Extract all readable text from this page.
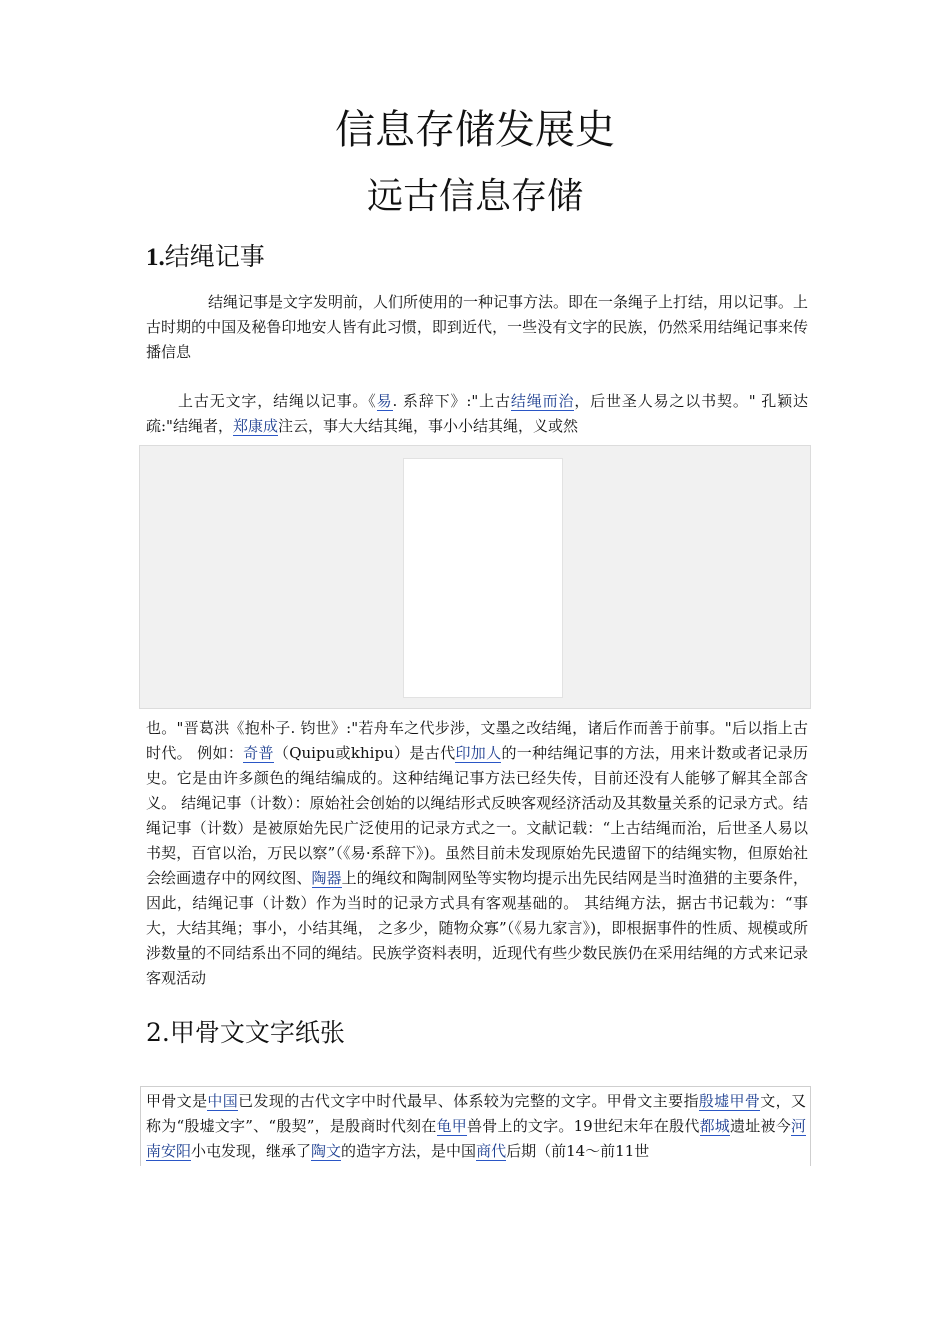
信息存储发展史
远古信息存储
1.结绳记事
结绳记事是文字发明前，人们所使用的一种记事方法。即在一条绳子上打结，用以记事。上古时期的中国及秘鲁印地安人皆有此习惯，即到近代，一些没有文字的民族，仍然采用结绳记事来传播信息
上古无文字，结绳以记事。《易. 系辞下》:"上古结绳而治，后世圣人易之以书契。" 孔颖达疏:"结绳者，郑康成注云，事大大结其绳，事小小结其绳，义或然
也。"晋葛洪《抱朴子. 钧世》:"若舟车之代步涉，文墨之改结绳，诸后作而善于前事。"后以指上古时代。 例如：奇普（Quipu或khipu）是古代印加人的一种结绳记事的方法，用来计数或者记录历史。它是由许多颜色的绳结编成的。这种结绳记事方法已经失传，目前还没有人能够了解其全部含义。 结绳记事（计数）：原始社会创始的以绳结形式反映客观经济活动及其数量关系的记录方式。结绳记事（计数）是被原始先民广泛使用的记录方式之一。文献记载：“上古结绳而治，后世圣人易以书契，百官以治，万民以察”（《易·系辞下》)。虽然目前未发现原始先民遗留下的结绳实物，但原始社会绘画遗存中的网纹图、陶器上的绳纹和陶制网坠等实物均提示出先民结网是当时渔猎的主要条件，因此，结绳记事（计数）作为当时的记录方式具有客观基础的。 其结绳方法，据古书记载为：“事大，大结其绳；事小，小结其绳， 之多少，随物众寡”（《易九家言》)，即根据事件的性质、规模或所涉数量的不同结系出不同的绳结。民族学资料表明，近现代有些少数民族仍在采用结绳的方式来记录客观活动
2.甲骨文文字纸张
甲骨文是中国已发现的古代文字中时代最早、体系较为完整的文字。甲骨文主要指殷墟甲骨文，又称为“殷墟文字”、“殷契”，是殷商时代刻在龟甲兽骨上的文字。19世纪末年在殷代都城遗址被今河南安阳小屯发现，继承了陶文的造字方法，是中国商代后期（前14～前11世
